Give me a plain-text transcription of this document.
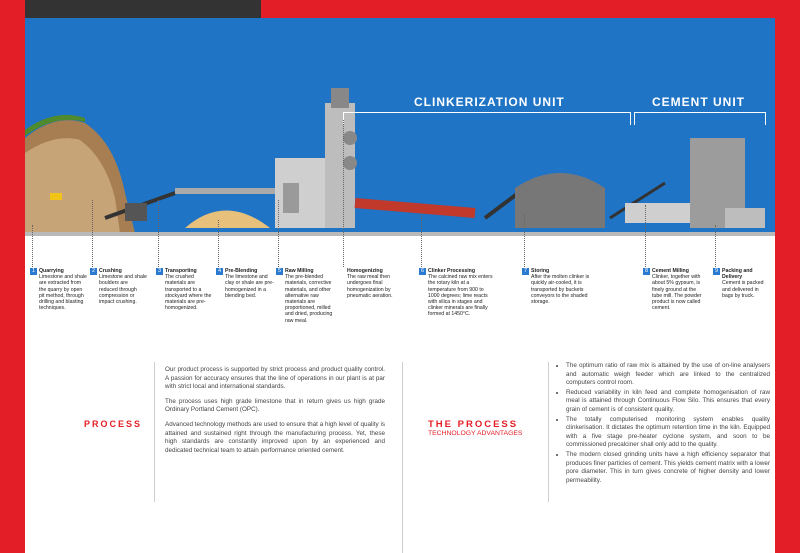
CLINKERIZATION UNIT	CEMENT UNIT
1 Quarrying
Limestone and shale are extracted from the quarry by open pit method, through drilling and blasting techniques.
2 Crushing
Limestone and shale boulders are reduced through compression or impact crushing.
3 Transporting
The crushed materials are transported to a stockyard where the materials are pre-homogenized.
4 Pre-Blending
The limestone and clay or shale are pre-homogenized in a blending bed.
5 Raw Milling
The pre-blended materials, corrective materials, and other alternative raw materials are proportioned, milled and dried, producing raw meal.
Homogenizing
The raw meal then undergoes final homogenization by pneumatic aeration.
6 Clinker Processing
The calcined raw mix enters the rotary kiln at a temperature from 900 to 1000 degrees; lime reacts with silica in stages and clinker minerals are finally formed at 1450°C.
7 Storing
After the molten clinker is quickly air-cooled, it is transported by buckets conveyors to the shaded storage.
8 Cement Milling
Clinker, together with about 5% gypsum, is finely ground at the tube mill. The powder product is now called cement.
9 Packing and Delivery
Cement is packed and delivered in bags by truck.
PROCESS

Our product process is supported by strict process and product quality control. A passion for accuracy ensures that the line of operations in our plant is at par with strict local and international standards.

The process uses high grade limestone that in return gives us high grade Ordinary Portland Cement (OPC).

Advanced technology methods are used to ensure that a high level of quality is attained and sustained right through the manufacturing process. Yet, these high standards are constantly improved upon by an experienced and dedicated technical team to attain performance oriented cement.

THE PROCESS
TECHNOLOGY ADVANTAGES
• The optimum ratio of raw mix is attained by the use of on-line analysers and automatic weigh feeder which are linked to the centralized computers control room.
• Reduced variability in kiln feed and complete homogenisation of raw meal is attained through Continuous Flow Silo. This ensures that every grain of cement is of consistent quality.
• The totally computerised monitoring system enables quality clinkerisation. It dictates the optimum retention time in the kiln. Equipped with a five stage pre-heater cyclone system, and soon to be commissioned precalciner shall only add to the quality.
• The modern closed grinding units have a high efficiency separator that produces finer particles of cement. This yields cement matrix with a lower pore diameter. This in turn gives concrete of higher density and lower permeability.
